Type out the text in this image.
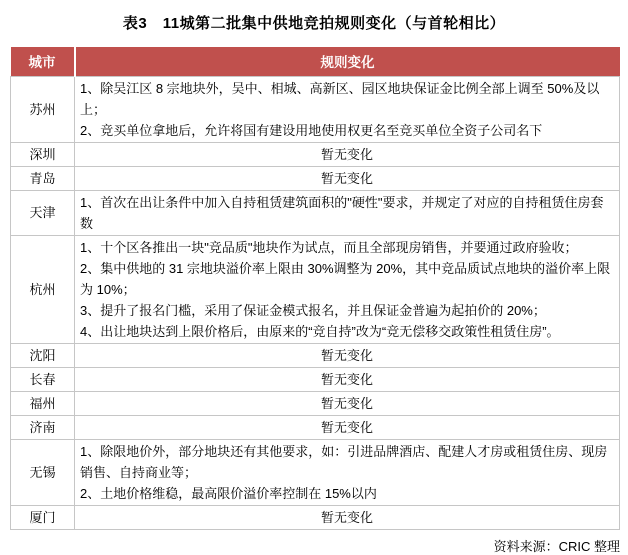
表3　11城第二批集中供地竞拍规则变化（与首轮相比）
城市	规则变化
苏州	1、除吴江区 8 宗地块外，吴中、相城、高新区、园区地块保证金比例全部上调至 50%及以上；
2、竞买单位拿地后，允许将国有建设用地使用权更名至竞买单位全资子公司名下

深圳	暂无变化

青岛	暂无变化

天津	1、首次在出让条件中加入自持租赁建筑面积的"硬性"要求，并规定了对应的自持租赁住房套数

杭州	1、十个区各推出一块"竞品质"地块作为试点，而且全部现房销售，并要通过政府验收；
2、集中供地的 31 宗地块溢价率上限由 30%调整为 20%，其中竞品质试点地块的溢价率上限为 10%；
3、提升了报名门槛，采用了保证金模式报名，并且保证金普遍为起拍价的 20%；
4、出让地块达到上限价格后，由原来的“竞自持”改为“竞无偿移交政策性租赁住房”。

沈阳	暂无变化

长春	暂无变化

福州	暂无变化

济南	暂无变化

无锡	1、除限地价外，部分地块还有其他要求，如：引进品牌酒店、配建人才房或租赁住房、现房销售、自持商业等；
2、土地价格维稳，最高限价溢价率控制在 15%以内

厦门	暂无变化
资料来源：CRIC 整理
